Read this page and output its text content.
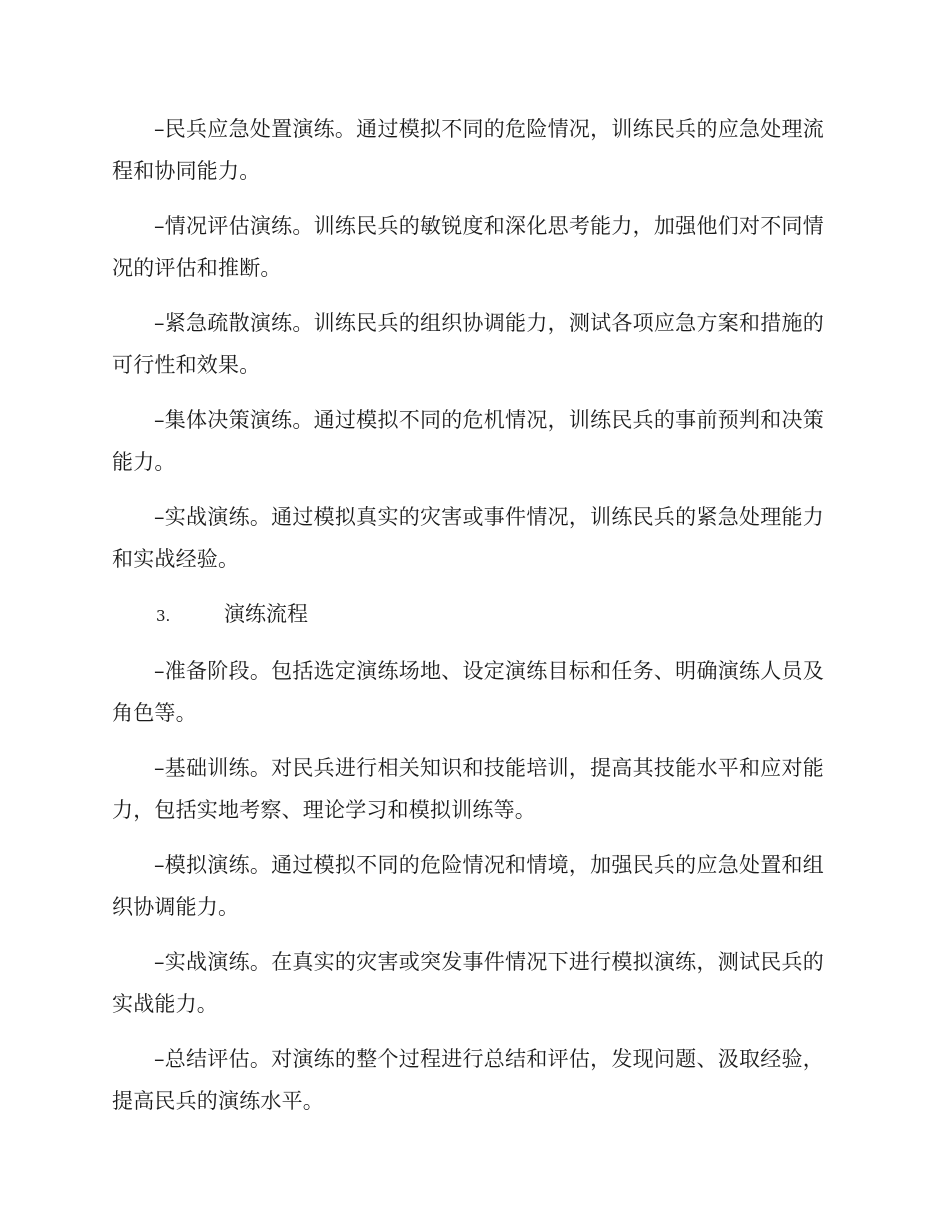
–民兵应急处置演练。通过模拟不同的危险情况，训练民兵的应急处理流程和协同能力。

–情况评估演练。训练民兵的敏锐度和深化思考能力，加强他们对不同情况的评估和推断。

–紧急疏散演练。训练民兵的组织协调能力，测试各项应急方案和措施的可行性和效果。

–集体决策演练。通过模拟不同的危机情况，训练民兵的事前预判和决策能力。

–实战演练。通过模拟真实的灾害或事件情况，训练民兵的紧急处理能力和实战经验。

3.	演练流程

–准备阶段。包括选定演练场地、设定演练目标和任务、明确演练人员及角色等。

–基础训练。对民兵进行相关知识和技能培训，提高其技能水平和应对能力，包括实地考察、理论学习和模拟训练等。

–模拟演练。通过模拟不同的危险情况和情境，加强民兵的应急处置和组织协调能力。

–实战演练。在真实的灾害或突发事件情况下进行模拟演练，测试民兵的实战能力。

–总结评估。对演练的整个过程进行总结和评估，发现问题、汲取经验，提高民兵的演练水平。
